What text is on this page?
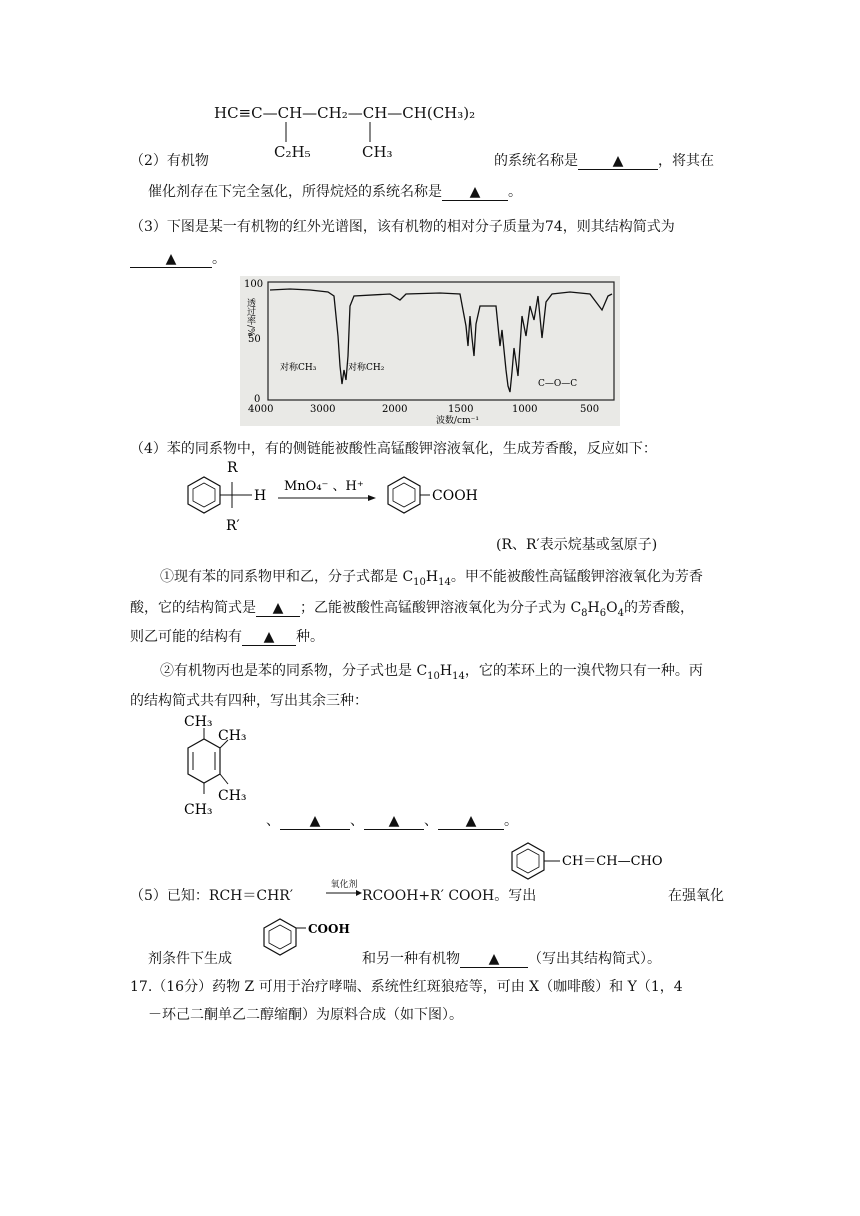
HC≡C—CH—CH₂—CH—CH(CH₃)₂
C₂H₅	CH₃
（2）有机物	的系统名称是 ▲ ，将其在
催化剂存在下完全氢化，所得烷烃的系统名称是 ▲ 。
（3）下图是某一有机物的红外光谱图，该有机物的相对分子质量为74，则其结构简式为
▲	。
100
50
0
透过率/%
4000	3000	2000	1500	1000	500
波数/cm⁻¹
对称CH₃	对称CH₂
C—O—C
（4）苯的同系物中，有的侧链能被酸性高锰酸钾溶液氧化，生成芳香酸，反应如下：
R
R′
H
MnO₄⁻ 、H⁺
COOH
(R、R′表示烷基或氢原子)
①现有苯的同系物甲和乙，分子式都是 $C_{10}H_{14}$。甲不能被酸性高锰酸钾溶液氧化为芳香
酸，它的结构简式是 ▲ ；乙能被酸性高锰酸钾溶液氧化为分子式为 $C_8H_6O_4$的芳香酸，
则乙可能的结构有 ▲ 种。
②有机物丙也是苯的同系物，分子式也是 $C_{10}H_{14}$，它的苯环上的一溴代物只有一种。丙
的结构简式共有四种，写出其余三种：
CH₃
CH₃
CH₃
CH₃
、 ▲ 、 ▲ 、 ▲ 。
CH＝CH—CHO
（5）已知：RCH＝CHR′
氧化剂
RCOOH+R′ COOH。写出	在强氧化
COOH
剂条件下生成	和另一种有机物 ▲ （写出其结构简式）。
17.（16分）药物 Z 可用于治疗哮喘、系统性红斑狼疮等，可由 X（咖啡酸）和 Y（1，4
－环己二酮单乙二醇缩酮）为原料合成（如下图）。
